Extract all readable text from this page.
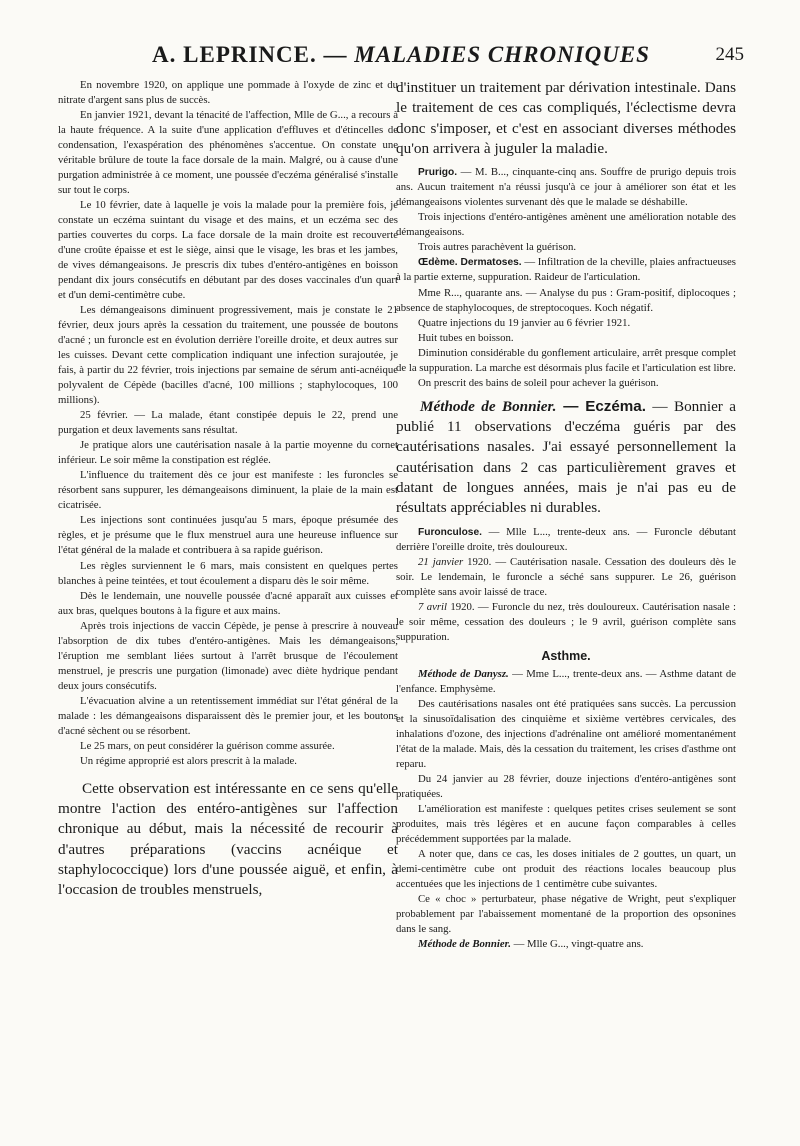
A. LEPRINCE. — MALADIES CHRONIQUES	245

En novembre 1920, on applique une pommade à l'oxyde de zinc et du nitrate d'argent sans plus de succès.

En janvier 1921, devant la ténacité de l'affection, Mlle de G..., a recours à la haute fréquence. A la suite d'une application d'effluves et d'étincelles de condensation, l'exaspération des phénomènes s'accentue. On constate une véritable brûlure de toute la face dorsale de la main. Malgré, ou à cause d'une purgation administrée à ce moment, une poussée d'eczéma généralisé s'installe sur tout le corps.

Le 10 février, date à laquelle je vois la malade pour la première fois, je constate un eczéma suintant du visage et des mains, et un eczéma sec des parties couvertes du corps. La face dorsale de la main droite est recouverte d'une croûte épaisse et est le siège, ainsi que le visage, les bras et les jambes, de vives démangeaisons. Je prescris dix tubes d'entéro-antigènes en boisson pendant dix jours consécutifs en débutant par des doses vaccinales d'un quart et d'un demi-centimètre cube.

Les démangeaisons diminuent progressivement, mais je constate le 21 février, deux jours après la cessation du traitement, une poussée de boutons d'acné ; un furoncle est en évolution derrière l'oreille droite, et deux autres sur les cuisses. Devant cette complication indiquant une infection surajoutée, je fais, à partir du 22 février, trois injections par semaine de sérum anti-acnéique polyvalent de Cépède (bacilles d'acné, 100 millions ; staphylocoques, 100 millions).

25 février. — La malade, étant constipée depuis le 22, prend une purgation et deux lavements sans résultat.

Je pratique alors une cautérisation nasale à la partie moyenne du cornet inférieur. Le soir même la constipation est réglée.

L'influence du traitement dès ce jour est manifeste : les furoncles se résorbent sans suppurer, les démangeaisons diminuent, la plaie de la main est cicatrisée.

Les injections sont continuées jusqu'au 5 mars, époque présumée des règles, et je présume que le flux menstruel aura une heureuse influence sur l'état général de la malade et contribuera à sa rapide guérison.

Les règles surviennent le 6 mars, mais consistent en quelques pertes blanches à peine teintées, et tout écoulement a disparu dès le soir même.

Dès le lendemain, une nouvelle poussée d'acné apparaît aux cuisses et aux bras, quelques boutons à la figure et aux mains.

Après trois injections de vaccin Cépède, je pense à prescrire à nouveau l'absorption de dix tubes d'entéro-antigènes. Mais les démangeaisons, l'éruption me semblant liées surtout à l'arrêt brusque de l'écoulement menstruel, je prescris une purgation (limonade) avec diète hydrique pendant deux jours consécutifs.

L'évacuation alvine a un retentissement immédiat sur l'état général de la malade : les démangeaisons disparaissent dès le premier jour, et les boutons d'acné sèchent ou se résorbent.

Le 25 mars, on peut considérer la guérison comme assurée.

Un régime approprié est alors prescrit à la malade.

Cette observation est intéressante en ce sens qu'elle montre l'action des entéro-antigènes sur l'affection chronique au début, mais la nécessité de recourir à d'autres préparations (vaccins acnéique et staphylococcique) lors d'une poussée aiguë, et enfin, à l'occasion de troubles menstruels,

d'instituer un traitement par dérivation intestinale. Dans le traitement de ces cas compliqués, l'éclectisme devra donc s'imposer, et c'est en associant diverses méthodes qu'on arrivera à juguler la maladie.

Prurigo. — M. B..., cinquante-cinq ans. Souffre de prurigo depuis trois ans. Aucun traitement n'a réussi jusqu'à ce jour à améliorer son état et les démangeaisons violentes survenant dès que le malade se déshabille.

Trois injections d'entéro-antigènes amènent une amélioration notable des démangeaisons.

Trois autres parachèvent la guérison.

Œdème. Dermatoses. — Infiltration de la cheville, plaies anfractueuses à la partie externe, suppuration. Raideur de l'articulation.

Mme R..., quarante ans. — Analyse du pus : Gram-positif, diplocoques ; absence de staphylocoques, de streptocoques. Koch négatif.

Quatre injections du 19 janvier au 6 février 1921.

Huit tubes en boisson.

Diminution considérable du gonflement articulaire, arrêt presque complet de la suppuration. La marche est désormais plus facile et l'articulation est libre.

On prescrit des bains de soleil pour achever la guérison.

Méthode de Bonnier. — Eczéma. — Bonnier a publié 11 observations d'eczéma guéris par des cautérisations nasales. J'ai essayé personnellement la cautérisation dans 2 cas particulièrement graves et datant de longues années, mais je n'ai pas eu de résultats appréciables ni durables.

Furonculose. — Mlle L..., trente-deux ans. — Furoncle débutant derrière l'oreille droite, très douloureux.

21 janvier 1920. — Cautérisation nasale. Cessation des douleurs dès le soir. Le lendemain, le furoncle a séché sans suppurer. Le 26, guérison complète sans avoir laissé de trace.

7 avril 1920. — Furoncle du nez, très douloureux. Cautérisation nasale : le soir même, cessation des douleurs ; le 9 avril, guérison complète sans suppuration.

Asthme.

Méthode de Danysz. — Mme L..., trente-deux ans. — Asthme datant de l'enfance. Emphysème.

Des cautérisations nasales ont été pratiquées sans succès. La percussion et la sinusoïdalisation des cinquième et sixième vertèbres cervicales, des inhalations d'ozone, des injections d'adrénaline ont amélioré momentanément l'état de la malade. Mais, dès la cessation du traitement, les crises d'asthme ont reparu.

Du 24 janvier au 28 février, douze injections d'entéro-antigènes sont pratiquées.

L'amélioration est manifeste : quelques petites crises seulement se sont produites, mais très légères et en aucune façon comparables à celles précédemment supportées par la malade.

A noter que, dans ce cas, les doses initiales de 2 gouttes, un quart, un demi-centimètre cube ont produit des réactions locales beaucoup plus accentuées que les injections de 1 centimètre cube suivantes.

Ce « choc » perturbateur, phase négative de Wright, peut s'expliquer probablement par l'abaissement momentané de la proportion des opsonines dans le sang.

Méthode de Bonnier. — Mlle G..., vingt-quatre ans.
